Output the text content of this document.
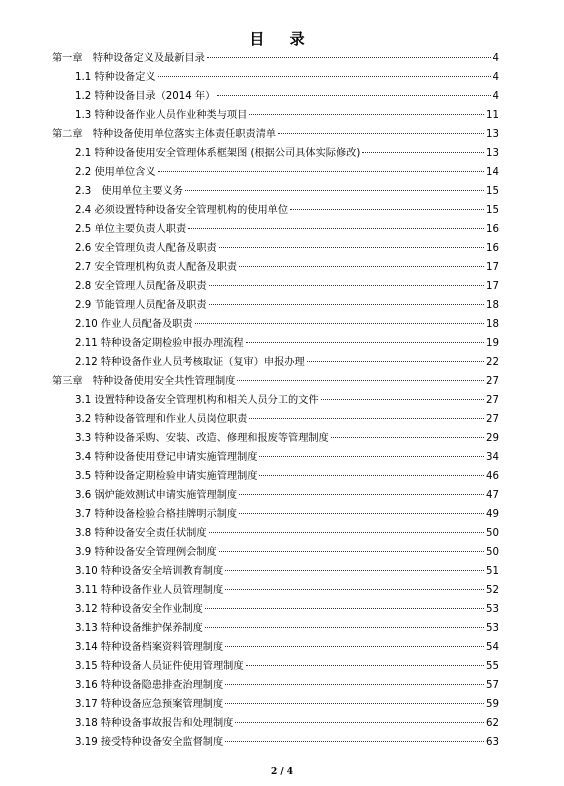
目 录
第一章　特种设备定义及最新目录	4
1.1 特种设备定义	4
1.2 特种设备目录（2014 年）	4
1.3 特种设备作业人员作业种类与项目	11
第二章　特种设备使用单位落实主体责任职责清单	13
2.1 特种设备使用安全管理体系框架图 (根据公司具体实际修改)	13
2.2 使用单位含义	14
2.3　使用单位主要义务	15
2.4 必须设置特种设备安全管理机构的使用单位	15
2.5 单位主要负责人职责	16
2.6 安全管理负责人配备及职责	16
2.7 安全管理机构负责人配备及职责	17
2.8 安全管理人员配备及职责	17
2.9 节能管理人员配备及职责	18
2.10 作业人员配备及职责	18
2.11 特种设备定期检验申报办理流程	19
2.12 特种设备作业人员考核取证（复审）申报办理	22
第三章　特种设备使用安全共性管理制度	27
3.1 设置特种设备安全管理机构和相关人员分工的文件	27
3.2 特种设备管理和作业人员岗位职责	27
3.3 特种设备采购、安装、改造、修理和报废等管理制度	29
3.4 特种设备使用登记申请实施管理制度	34
3.5 特种设备定期检验申请实施管理制度	46
3.6 锅炉能效测试申请实施管理制度	47
3.7 特种设备检验合格挂牌明示制度	49
3.8 特种设备安全责任状制度	50
3.9 特种设备安全管理例会制度	50
3.10 特种设备安全培训教育制度	51
3.11 特种设备作业人员管理制度	52
3.12 特种设备安全作业制度	53
3.13 特种设备维护保养制度	53
3.14 特种设备档案资料管理制度	54
3.15 特种设备人员证件使用管理制度	55
3.16 特种设备隐患排查治理制度	57
3.17 特种设备应急预案管理制度	59
3.18 特种设备事故报告和处理制度	62
3.19 接受特种设备安全监督制度	63
2 / 4
